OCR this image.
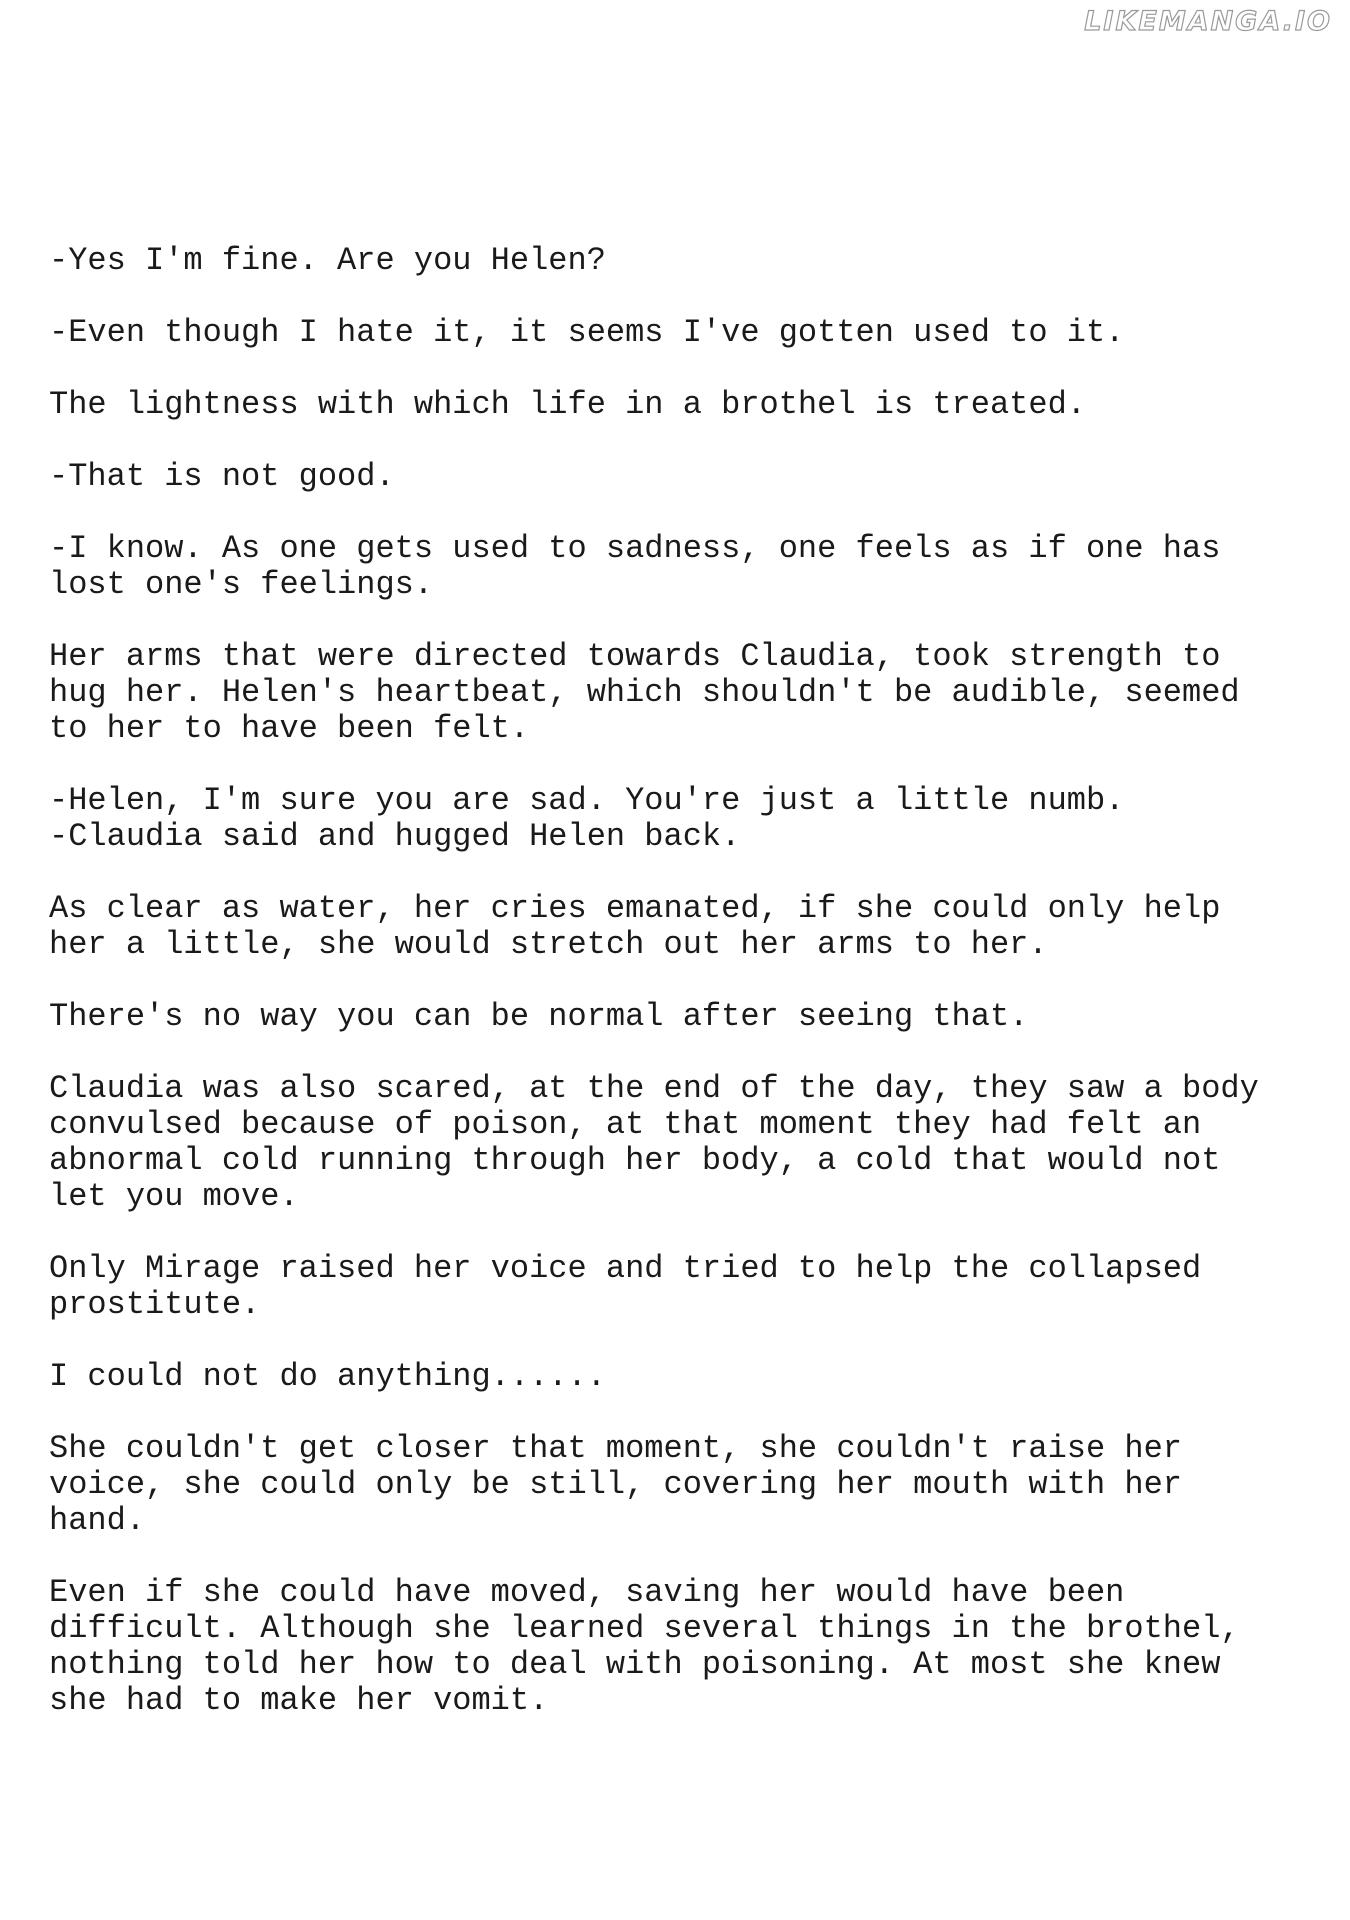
LIKEMANGA.IO

-Yes I'm fine. Are you Helen?

-Even though I hate it, it seems I've gotten used to it.

The lightness with which life in a brothel is treated.

-That is not good.

-I know. As one gets used to sadness, one feels as if one has
lost one's feelings.

Her arms that were directed towards Claudia, took strength to
hug her. Helen's heartbeat, which shouldn't be audible, seemed
to her to have been felt.

-Helen, I'm sure you are sad. You're just a little numb.
-Claudia said and hugged Helen back.

As clear as water, her cries emanated, if she could only help
her a little, she would stretch out her arms to her.

There's no way you can be normal after seeing that.

Claudia was also scared, at the end of the day, they saw a body
convulsed because of poison, at that moment they had felt an
abnormal cold running through her body, a cold that would not
let you move.

Only Mirage raised her voice and tried to help the collapsed
prostitute.

I could not do anything......

She couldn't get closer that moment, she couldn't raise her
voice, she could only be still, covering her mouth with her
hand.

Even if she could have moved, saving her would have been
difficult. Although she learned several things in the brothel,
nothing told her how to deal with poisoning. At most she knew
she had to make her vomit.
